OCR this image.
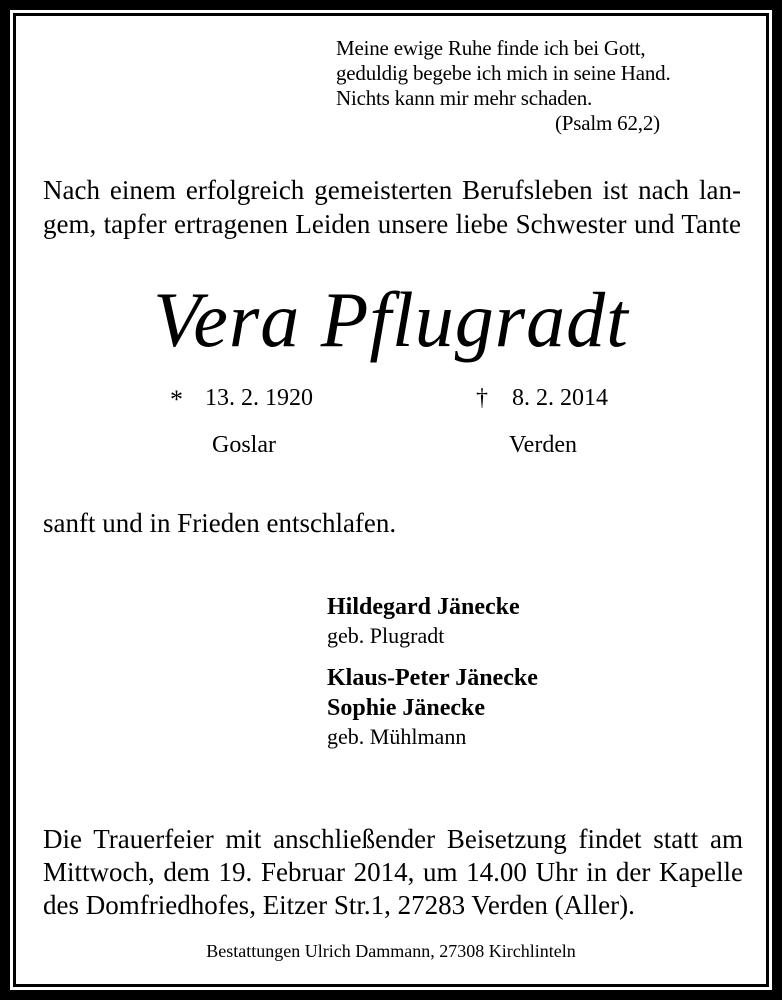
Meine ewige Ruhe finde ich bei Gott,
geduldig begebe ich mich in seine Hand.
Nichts kann mir mehr schaden.
(Psalm 62,2)
Nach einem erfolgreich gemeisterten Berufsleben ist nach lan-
gem, tapfer ertragenen Leiden unsere liebe Schwester und Tante
Vera Pflugradt
* 13. 2. 1920	† 8. 2. 2014
Goslar	Verden
sanft und in Frieden entschlafen.
Hildegard Jänecke
geb. Plugradt
Klaus-Peter Jänecke
Sophie Jänecke
geb. Mühlmann
Die Trauerfeier mit anschließender Beisetzung findet statt am
Mittwoch, dem 19. Februar 2014, um 14.00 Uhr in der Kapelle
des Domfriedhofes, Eitzer Str.1, 27283 Verden (Aller).
Bestattungen Ulrich Dammann, 27308 Kirchlinteln
